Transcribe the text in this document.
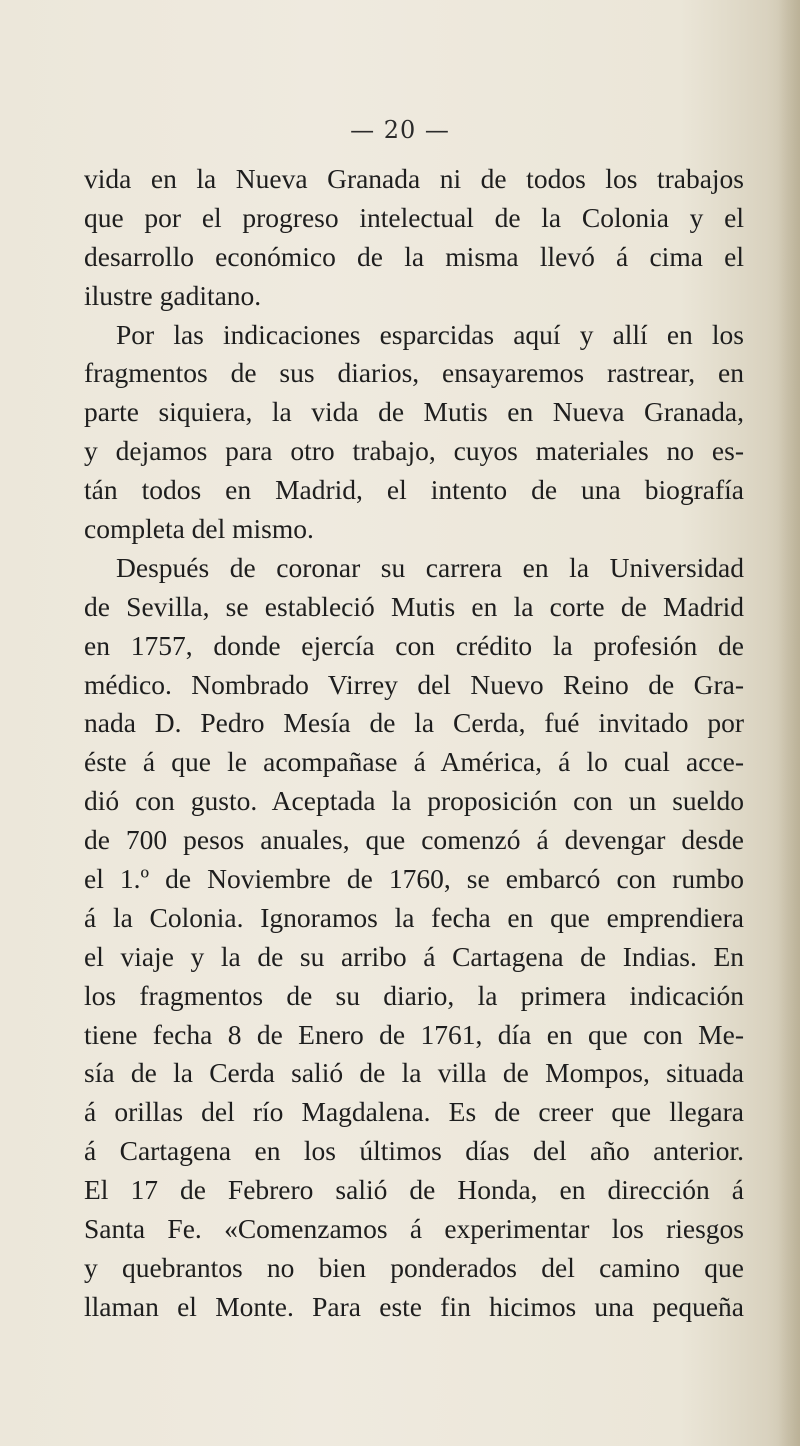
— 20 —
vida en la Nueva Granada ni de todos los trabajos
que por el progreso intelectual de la Colonia y el
desarrollo económico de la misma llevó á cima el
ilustre gaditano.
Por las indicaciones esparcidas aquí y allí en los
fragmentos de sus diarios, ensayaremos rastrear, en
parte siquiera, la vida de Mutis en Nueva Granada,
y dejamos para otro trabajo, cuyos materiales no es-
tán todos en Madrid, el intento de una biografía
completa del mismo.
Después de coronar su carrera en la Universidad
de Sevilla, se estableció Mutis en la corte de Madrid
en 1757, donde ejercía con crédito la profesión de
médico. Nombrado Virrey del Nuevo Reino de Gra-
nada D. Pedro Mesía de la Cerda, fué invitado por
éste á que le acompañase á América, á lo cual acce-
dió con gusto. Aceptada la proposición con un sueldo
de 700 pesos anuales, que comenzó á devengar desde
el 1.º de Noviembre de 1760, se embarcó con rumbo
á la Colonia. Ignoramos la fecha en que emprendiera
el viaje y la de su arribo á Cartagena de Indias. En
los fragmentos de su diario, la primera indicación
tiene fecha 8 de Enero de 1761, día en que con Me-
sía de la Cerda salió de la villa de Mompos, situada
á orillas del río Magdalena. Es de creer que llegara
á Cartagena en los últimos días del año anterior.
El 17 de Febrero salió de Honda, en dirección á
Santa Fe. «Comenzamos á experimentar los riesgos
y quebrantos no bien ponderados del camino que
llaman el Monte. Para este fin hicimos una pequeña
